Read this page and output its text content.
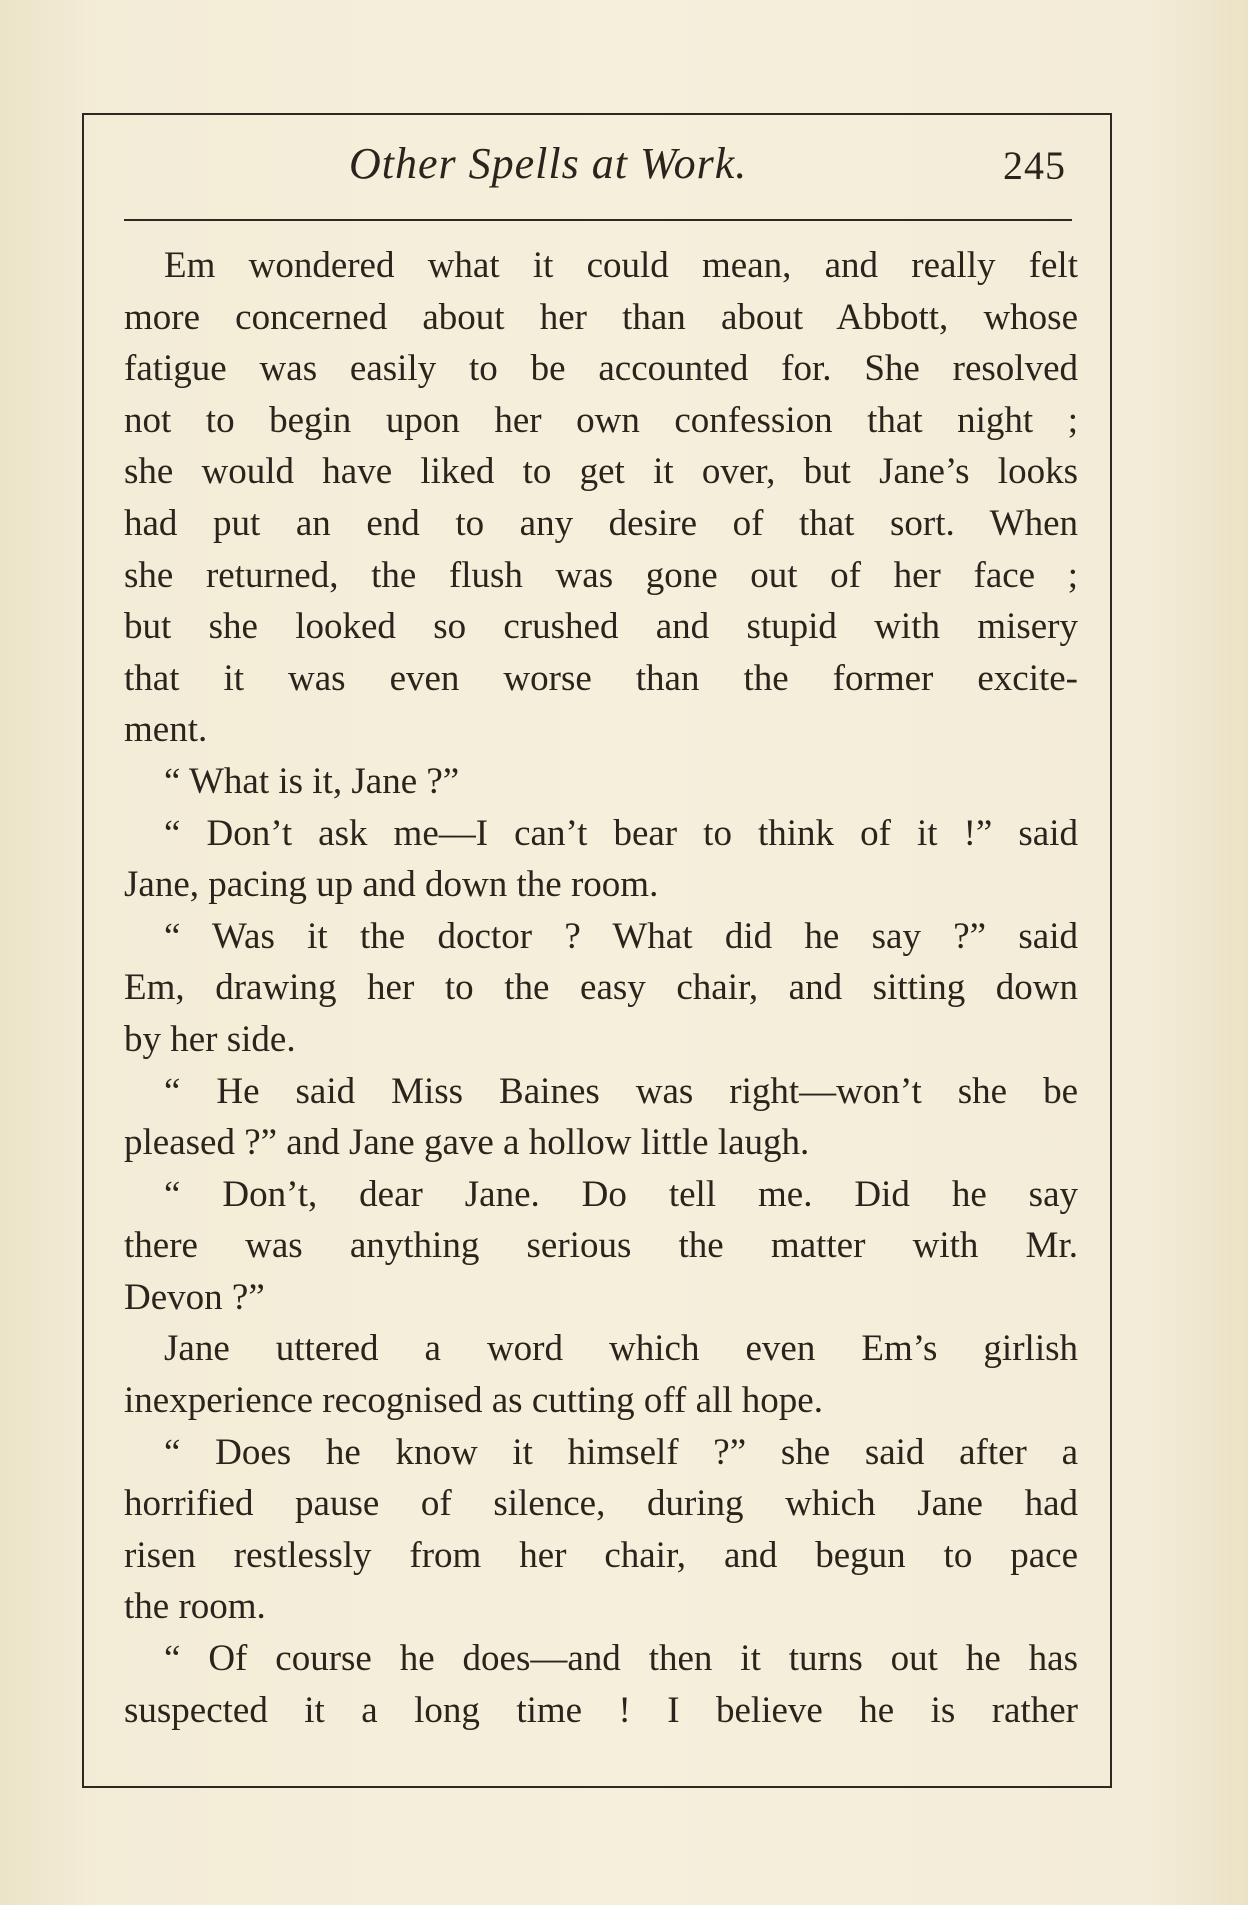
Other Spells at Work.	245
Em wondered what it could mean, and really felt
more concerned about her than about Abbott, whose
fatigue was easily to be accounted for. She resolved
not to begin upon her own confession that night ;
she would have liked to get it over, but Jane’s looks
had put an end to any desire of that sort. When
she returned, the flush was gone out of her face ;
but she looked so crushed and stupid with misery
that it was even worse than the former excite-
ment.
“ What is it, Jane ?”
“ Don’t ask me—I can’t bear to think of it !” said
Jane, pacing up and down the room.
“ Was it the doctor ? What did he say ?” said
Em, drawing her to the easy chair, and sitting down
by her side.
“ He said Miss Baines was right—won’t she be
pleased ?” and Jane gave a hollow little laugh.
“ Don’t, dear Jane. Do tell me. Did he say
there was anything serious the matter with Mr.
Devon ?”
Jane uttered a word which even Em’s girlish
inexperience recognised as cutting off all hope.
“ Does he know it himself ?” she said after a
horrified pause of silence, during which Jane had
risen restlessly from her chair, and begun to pace
the room.
“ Of course he does—and then it turns out he has
suspected it a long time ! I believe he is rather
